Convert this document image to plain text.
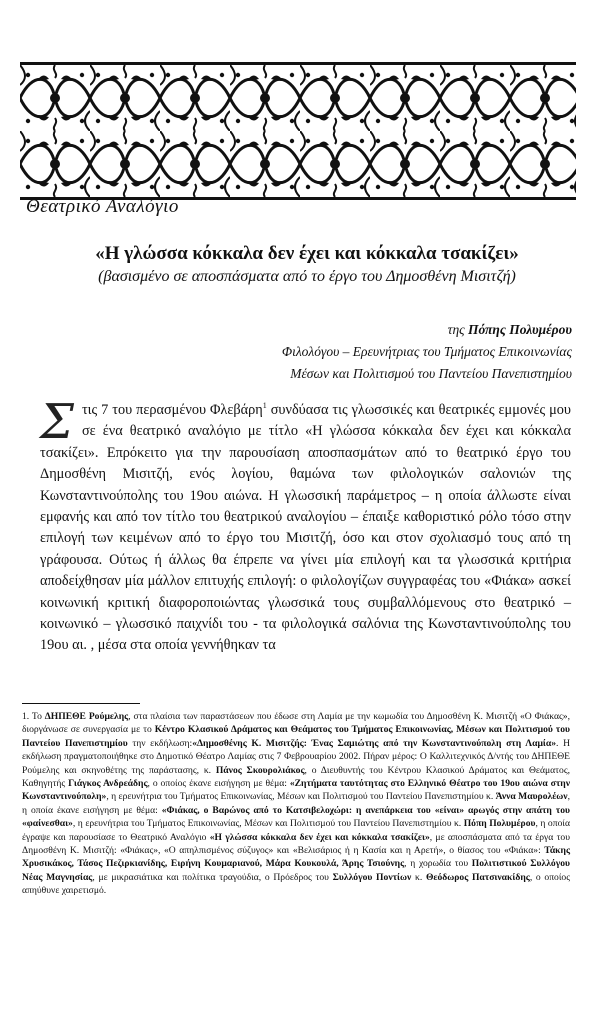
Θεατρικό Αναλόγιο
«Η γλώσσα κόκκαλα δεν έχει και κόκκαλα τσακίζει»
(βασισμένο σε αποσπάσματα από το έργο του Δημοσθένη Μισιτζή)
της Πόπης Πολυμέρου
Φιλολόγου – Ερευνήτριας του Τμήματος Επικοινωνίας
Μέσων και Πολιτισμού του Παντείου Πανεπιστημίου
Στις 7 του περασμένου Φλεβάρη$^1$ συνδύασα τις γλωσσικές και θεατρικές εμμονές μου σε ένα θεατρικό αναλόγιο με τίτλο «Η γλώσσα κόκκαλα δεν έχει και κόκκαλα τσακίζει». Επρόκειτο για την παρουσίαση αποσπασμάτων από το θεατρικό έργο του Δημοσθένη Μισιτζή, ενός λογίου, θαμώνα των φιλολογικών σαλονιών της Κωνσταντινούπολης του 19ου αιώνα. Η γλωσσική παράμετρος – η οποία άλλωστε είναι εμφανής και από τον τίτλο του θεατρικού αναλογίου – έπαιξε καθοριστικό ρόλο τόσο στην επιλογή των κειμένων από το έργο του Μισιτζή, όσο και στον σχολιασμό τους από τη γράφουσα. Ούτως ή άλλως θα έπρεπε να γίνει μία επιλογή και τα γλωσσικά κριτήρια αποδείχθησαν μία μάλλον επιτυχής επιλογή: ο φιλολογίζων συγγραφέας του «Φιάκα» ασκεί κοινωνική κριτική διαφοροποιώντας γλωσσικά τους συμβαλλόμενους στο θεατρικό – κοινωνικό – γλωσσικό παιχνίδι του - τα φιλολογικά σαλόνια της Κωνσταντινούπολης του 19ου αι. , μέσα στα οποία γεννήθηκαν τα
1. Το ΔΗΠΕΘΕ Ρούμελης, στα πλαίσια των παραστάσεων που έδωσε στη Λαμία με την κωμωδία του Δημοσθένη Κ. Μισιτζή «Ο Φιάκας», διοργάνωσε σε συνεργασία με το Κέντρο Κλασικού Δράματος και Θεάματος του Τμήματος Επικοινωνίας, Μέσων και Πολιτισμού του Παντείου Πανεπιστημίου την εκδήλωση:«Δημοσθένης Κ. Μισιτζής: Ένας Σαμιώτης από την Κωνσταντινούπολη στη Λαμία». Η εκδήλωση πραγματοποιήθηκε στο Δημοτικό Θέατρο Λαμίας στις 7 Φεβρουαρίου 2002. Πήραν μέρος: Ο Καλλιτεχνικός Δ/ντής του ΔΗΠΕΘΕ Ρούμελης και σκηνοθέτης της παράστασης, κ. Πάνος Σκουρολιάκος, ο Διευθυντής του Κέντρου Κλασικού Δράματος και Θεάματος, Καθηγητής Γιάγκος Ανδρεάδης, ο οποίος έκανε εισήγηση με θέμα: «Ζητήματα ταυτότητας στο Ελληνικό Θέατρο του 19ου αιώνα στην Κωνσταντινούπολη», η ερευνήτρια του Τμήματος Επικοινωνίας, Μέσων και Πολιτισμού του Παντείου Πανεπιστημίου κ. Άννα Μαυρολέων, η οποία έκανε εισήγηση με θέμα: «Φιάκας, ο Βαρώνος από το Κατσιβελοχώρι: η ανεπάρκεια του «είναι» αρωγός στην απάτη του «φαίνεσθαι», η ερευνήτρια του Τμήματος Επικοινωνίας, Μέσων και Πολιτισμού του Παντείου Πανεπιστημίου κ. Πόπη Πολυμέρου, η οποία έγραψε και παρουσίασε το Θεατρικό Αναλόγιο «Η γλώσσα κόκκαλα δεν έχει και κόκκαλα τσακίζει», με αποσπάσματα από τα έργα του Δημοσθένη Κ. Μισιτζή: «Φιάκας», «Ο απηλπισμένος σύζυγος» και «Βελισάριος ή η Κασία και η Αρετή», ο θίασος του «Φιάκα»: Τάκης Χρυσικάκος, Τάσος Πεζιρκιανίδης, Ειρήνη Κουμαριανού, Μάρα Κουκουλά, Άρης Τσιούνης, η χορωδία του Πολιτιστικού Συλλόγου Νέας Μαγνησίας, με μικρασιάτικα και πολίτικα τραγούδια, ο Πρόεδρος του Συλλόγου Ποντίων κ. Θεόδωρος Πατσινακίδης, ο οποίος απηύθυνε χαιρετισμό.
